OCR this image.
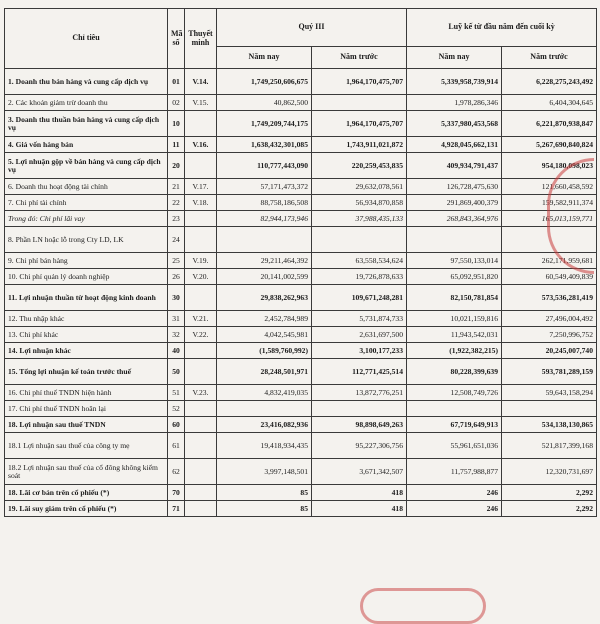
Chỉ tiêu	Mã số	Thuyết minh	Quý III		Luỹ kế từ đầu năm đến cuối kỳ	
			Năm nay	Năm trước	Năm nay	Năm trước
1. Doanh thu bán hàng và cung cấp dịch vụ	01	V.14.	1,749,250,606,675	1,964,170,475,707	5,339,958,739,914	6,228,275,243,492
2. Các khoản giảm trừ doanh thu	02	V.15.	40,862,500		1,978,286,346	6,404,304,645
3. Doanh thu thuần bán hàng và cung cấp dịch vụ	10		1,749,209,744,175	1,964,170,475,707	5,337,980,453,568	6,221,870,938,847
4. Giá vốn hàng bán	11	V.16.	1,638,432,301,085	1,743,911,021,872	4,928,045,662,131	5,267,690,840,824
5. Lợi nhuận gộp về bán hàng và cung cấp dịch vụ	20		110,777,443,090	220,259,453,835	409,934,791,437	954,180,098,023
6. Doanh thu hoạt động tài chính	21	V.17.	57,171,473,372	29,632,078,561	126,728,475,630	121,660,458,592
7. Chi phí tài chính	22	V.18.	88,758,186,508	56,934,870,858	291,869,400,379	159,582,911,374
Trong đó: Chi phí lãi vay	23		82,944,173,946	37,988,435,133	268,843,364,976	165,013,159,771
8. Phần LN hoặc lỗ trong Cty LD, LK	24					
9. Chi phí bán hàng	25	V.19.	29,211,464,392	63,558,534,624	97,550,133,014	262,171,959,681
10. Chi phí quản lý doanh nghiệp	26	V.20.	20,141,002,599	19,726,878,633	65,092,951,820	60,549,409,839
11. Lợi nhuận thuần từ hoạt động kinh doanh	30		29,838,262,963	109,671,248,281	82,150,781,854	573,536,281,419
12. Thu nhập khác	31	V.21.	2,452,784,989	5,731,874,733	10,021,159,816	27,496,004,492
13. Chi phí khác	32	V.22.	4,042,545,981	2,631,697,500	11,943,542,031	7,250,996,752
14. Lợi nhuận khác	40		(1,589,760,992)	3,100,177,233	(1,922,382,215)	20,245,007,740
15. Tổng lợi nhuận kế toán trước thuế	50		28,248,501,971	112,771,425,514	80,228,399,639	593,781,289,159
16. Chi phí thuế TNDN hiện hành	51	V.23.	4,832,419,035	13,872,776,251	12,508,749,726	59,643,158,294
17. Chi phí thuế TNDN hoãn lại	52					
18. Lợi nhuận sau thuế TNDN	60		23,416,082,936	98,898,649,263	67,719,649,913	534,138,130,865
18.1 Lợi nhuận sau thuế của công ty mẹ	61		19,418,934,435	95,227,306,756	55,961,651,036	521,817,399,168
18.2 Lợi nhuận sau thuế của cổ đông không kiểm soát	62		3,997,148,501	3,671,342,507	11,757,988,877	12,320,731,697
18. Lãi cơ bản trên cổ phiếu (*)	70		85	418	246	2,292
19. Lãi suy giảm trên cổ phiếu (*)	71		85	418	246	2,292
